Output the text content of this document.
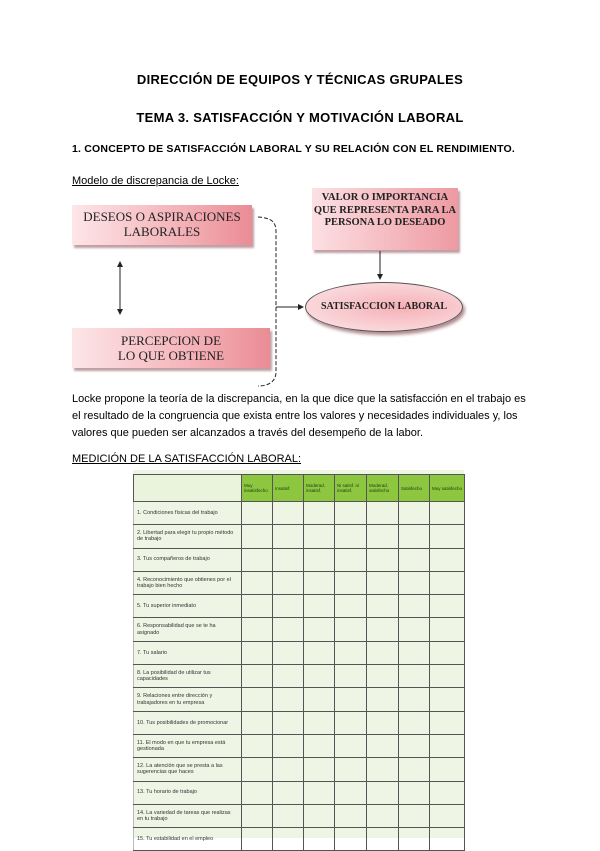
DIRECCIÓN DE EQUIPOS Y TÉCNICAS GRUPALES
TEMA 3. SATISFACCIÓN Y MOTIVACIÓN LABORAL
1. CONCEPTO DE SATISFACCIÓN LABORAL Y SU RELACIÓN CON EL RENDIMIENTO.
Modelo de discrepancia de Locke:
DESEOS O ASPIRACIONES LABORALES
PERCEPCION DE LO QUE OBTIENE
VALOR O IMPORTANCIA QUE REPRESENTA PARA LA PERSONA LO DESEADO
SATISFACCION LABORAL
Locke propone la teoría de la discrepancia, en la que dice que la satisfacción en el trabajo es el resultado de la congruencia que exista entre los valores y necesidades individuales y, los valores que pueden ser alcanzados a través del desempeño de la labor.
MEDICIÓN DE LA SATISFACCIÓN LABORAL:
	Muy insatisfecho	Insatisf.	Moderad. insatisf.	Ni satisf. ni insatisf.	Moderad. satisfecho	Satisfecho	Muy satisfecho
1. Condiciones físicas del trabajo							
2. Libertad para elegir tu propio método de trabajo							
3. Tus compañeros de trabajo							
4. Reconocimiento que obtienes por el trabajo bien hecho							
5. Tu superior inmediato							
6. Responsabilidad que se te ha asignado							
7. Tu salario							
8. La posibilidad de utilizar tus capacidades							
9. Relaciones entre dirección y trabajadores en tu empresa							
10. Tus posibilidades de promocionar							
11. El modo en que tu empresa está gestionada							
12. La atención que se presta a las sugerencias que haces							
13. Tu horario de trabajo							
14. La variedad de tareas que realizas en tu trabajo							
15. Tu estabilidad en el empleo							
